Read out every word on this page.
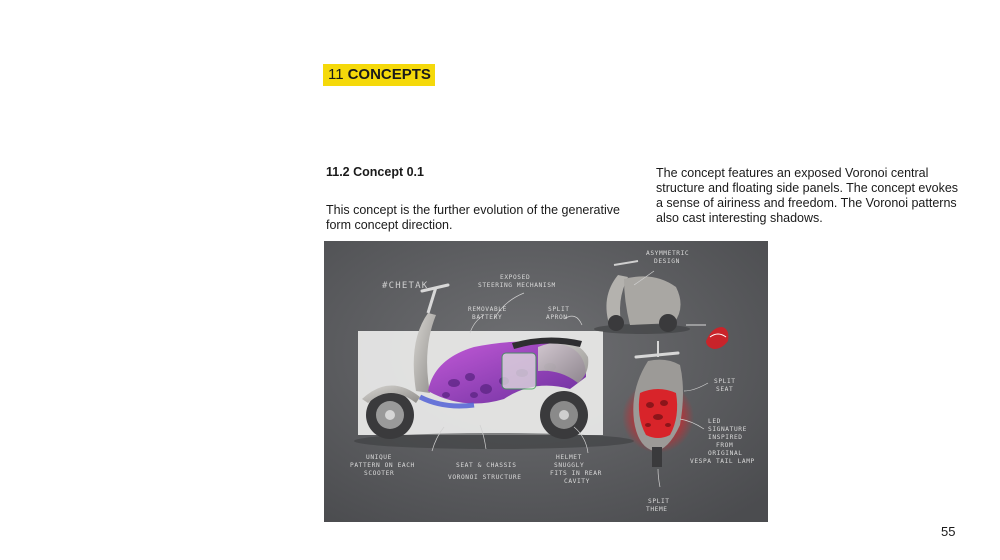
11 CONCEPTS
11.2 Concept 0.1
This concept is the further evolution of the generative form concept direction.
The concept features an exposed Voronoi central structure and floating side panels. The concept evokes a sense of airiness and freedom. The Voronoi patterns also cast interesting shadows.
#CHETAK
ASYMMETRIC
DESIGN
EXPOSED
STEERING MECHANISM
REMOVABLE
BATTERY
SPLIT
APRON
SPLIT
SEAT
LED
SIGNATURE
INSPIRED
FROM
ORIGINAL
VESPA TAIL LAMP
UNIQUE
PATTERN ON EACH
SCOOTER
SEAT & CHASSIS
VORONOI STRUCTURE
HELMET
SNUGGLY
FITS IN REAR
CAVITY
SPLIT
THEME
55
